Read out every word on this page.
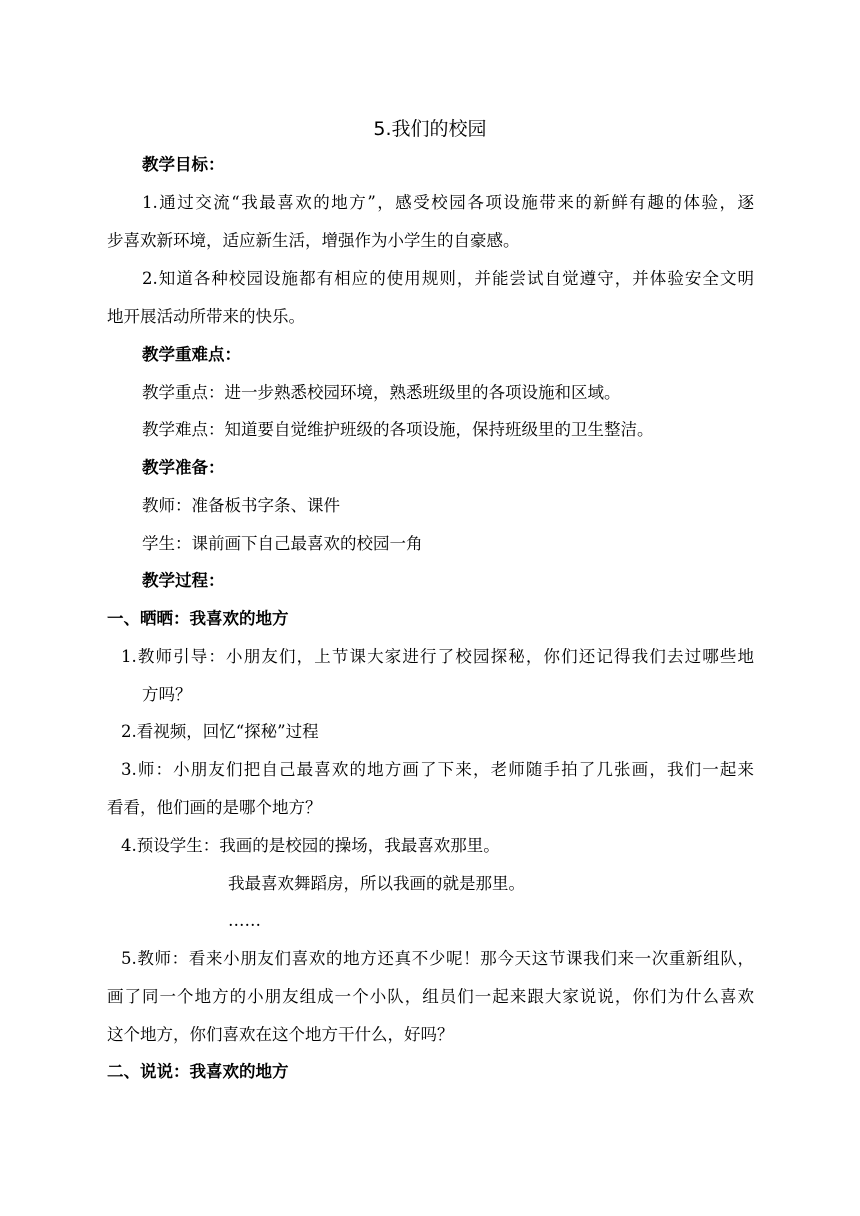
5.我们的校园
教学目标：
1.通过交流“我最喜欢的地方”，感受校园各项设施带来的新鲜有趣的体验，逐
步喜欢新环境，适应新生活，增强作为小学生的自豪感。
2.知道各种校园设施都有相应的使用规则，并能尝试自觉遵守，并体验安全文明
地开展活动所带来的快乐。
教学重难点：
教学重点：进一步熟悉校园环境，熟悉班级里的各项设施和区域。
教学难点：知道要自觉维护班级的各项设施，保持班级里的卫生整洁。
教学准备：
教师：准备板书字条、课件
学生：课前画下自己最喜欢的校园一角
教学过程：
一、晒晒：我喜欢的地方
1.教师引导：小朋友们，上节课大家进行了校园探秘，你们还记得我们去过哪些地
方吗？
2.看视频，回忆“探秘”过程
3.师：小朋友们把自己最喜欢的地方画了下来，老师随手拍了几张画，我们一起来
看看，他们画的是哪个地方？
4.预设学生：我画的是校园的操场，我最喜欢那里。
我最喜欢舞蹈房，所以我画的就是那里。
……
5.教师：看来小朋友们喜欢的地方还真不少呢！那今天这节课我们来一次重新组队，
画了同一个地方的小朋友组成一个小队，组员们一起来跟大家说说，你们为什么喜欢
这个地方，你们喜欢在这个地方干什么，好吗？
二、说说：我喜欢的地方
